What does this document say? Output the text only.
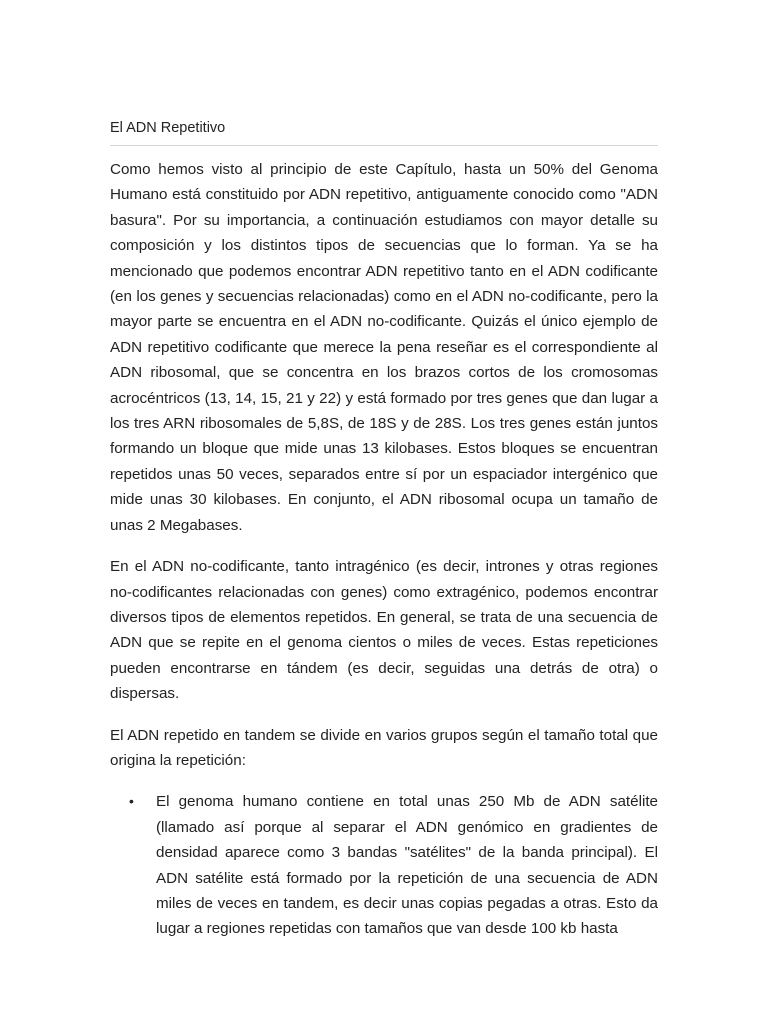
El ADN Repetitivo

Como hemos visto al principio de este Capítulo, hasta un 50% del Genoma Humano está constituido por ADN repetitivo, antiguamente conocido como "ADN basura". Por su importancia, a continuación estudiamos con mayor detalle su composición y los distintos tipos de secuencias que lo forman. Ya se ha mencionado que podemos encontrar ADN repetitivo tanto en el ADN codificante (en los genes y secuencias relacionadas) como en el ADN no-codificante, pero la mayor parte se encuentra en el ADN no-codificante. Quizás el único ejemplo de ADN repetitivo codificante que merece la pena reseñar es el correspondiente al ADN ribosomal, que se concentra en los brazos cortos de los cromosomas acrocéntricos (13, 14, 15, 21 y 22) y está formado por tres genes que dan lugar a los tres ARN ribosomales de 5,8S, de 18S y de 28S. Los tres genes están juntos formando un bloque que mide unas 13 kilobases. Estos bloques se encuentran repetidos unas 50 veces, separados entre sí por un espaciador intergénico que mide unas 30 kilobases. En conjunto, el ADN ribosomal ocupa un tamaño de unas 2 Megabases.

En el ADN no-codificante, tanto intragénico (es decir, intrones y otras regiones no-codificantes relacionadas con genes) como extragénico, podemos encontrar diversos tipos de elementos repetidos. En general, se trata de una secuencia de ADN que se repite en el genoma cientos o miles de veces. Estas repeticiones pueden encontrarse en tándem (es decir, seguidas una detrás de otra) o dispersas.

El ADN repetido en tandem se divide en varios grupos según el tamaño total que origina la repetición:

• El genoma humano contiene en total unas 250 Mb de ADN satélite (llamado así porque al separar el ADN genómico en gradientes de densidad aparece como 3 bandas "satélites" de la banda principal). El ADN satélite está formado por la repetición de una secuencia de ADN miles de veces en tandem, es decir unas copias pegadas a otras. Esto da lugar a regiones repetidas con tamaños que van desde 100 kb hasta
